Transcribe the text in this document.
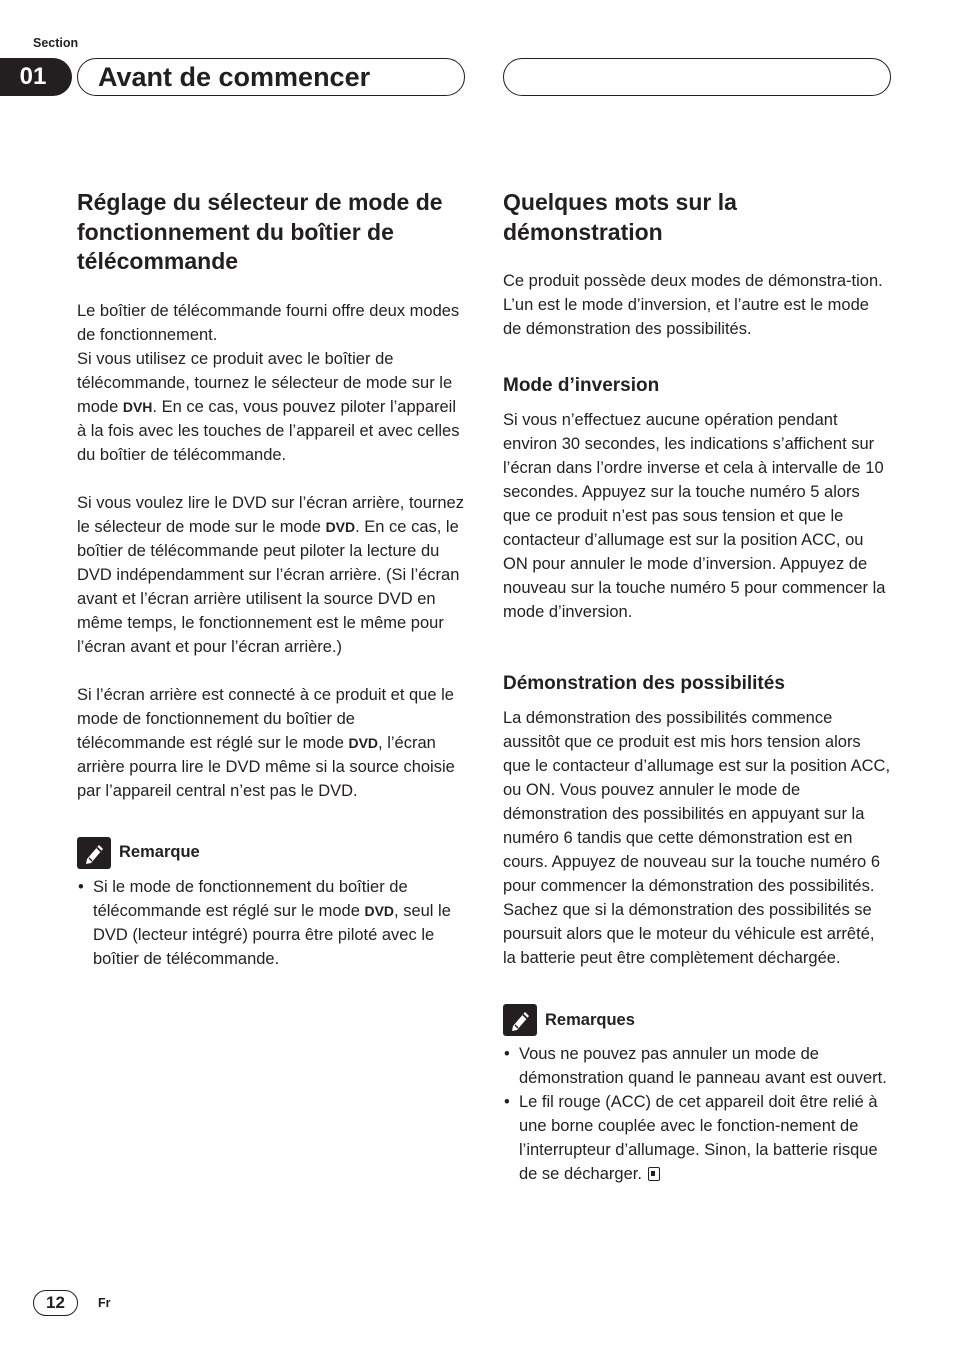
Section
01	Avant de commencer
Réglage du sélecteur de mode de fonctionnement du boîtier de télécommande

Le boîtier de télécommande fourni offre deux modes de fonctionnement.

Si vous utilisez ce produit avec le boîtier de télécommande, tournez le sélecteur de mode sur le mode DVH. En ce cas, vous pouvez piloter l’appareil à la fois avec les touches de l’appareil et avec celles du boîtier de télécommande.

Si vous voulez lire le DVD sur l’écran arrière, tournez le sélecteur de mode sur le mode DVD. En ce cas, le boîtier de télécommande peut piloter la lecture du DVD indépendamment sur l’écran arrière. (Si l’écran avant et l’écran arrière utilisent la source DVD en même temps, le fonctionnement est le même pour l’écran avant et pour l’écran arrière.)

Si l’écran arrière est connecté à ce produit et que le mode de fonctionnement du boîtier de télécommande est réglé sur le mode DVD, l’écran arrière pourra lire le DVD même si la source choisie par l’appareil central n’est pas le DVD.

Remarque
• Si le mode de fonctionnement du boîtier de télécommande est réglé sur le mode DVD, seul le DVD (lecteur intégré) pourra être piloté avec le boîtier de télécommande.
Quelques mots sur la démonstration

Ce produit possède deux modes de démonstra-tion. L’un est le mode d’inversion, et l’autre est le mode de démonstration des possibilités.

Mode d’inversion

Si vous n’effectuez aucune opération pendant environ 30 secondes, les indications s’affichent sur l’écran dans l’ordre inverse et cela à intervalle de 10 secondes. Appuyez sur la touche numéro 5 alors que ce produit n’est pas sous tension et que le contacteur d’allumage est sur la position ACC, ou ON pour annuler le mode d’inversion. Appuyez de nouveau sur la touche numéro 5 pour commencer la mode d’inversion.

Démonstration des possibilités

La démonstration des possibilités commence aussitôt que ce produit est mis hors tension alors que le contacteur d’allumage est sur la position ACC, ou ON. Vous pouvez annuler le mode de démonstration des possibilités en appuyant sur la numéro 6 tandis que cette démonstration est en cours. Appuyez de nouveau sur la touche numéro 6 pour commencer la démonstration des possibilités. Sachez que si la démonstration des possibilités se poursuit alors que le moteur du véhicule est arrêté, la batterie peut être complètement déchargée.

Remarques
• Vous ne pouvez pas annuler un mode de démonstration quand le panneau avant est ouvert.
• Le fil rouge (ACC) de cet appareil doit être relié à une borne couplée avec le fonction-nement de l’interrupteur d’allumage. Sinon, la batterie risque de se décharger.
12	Fr
